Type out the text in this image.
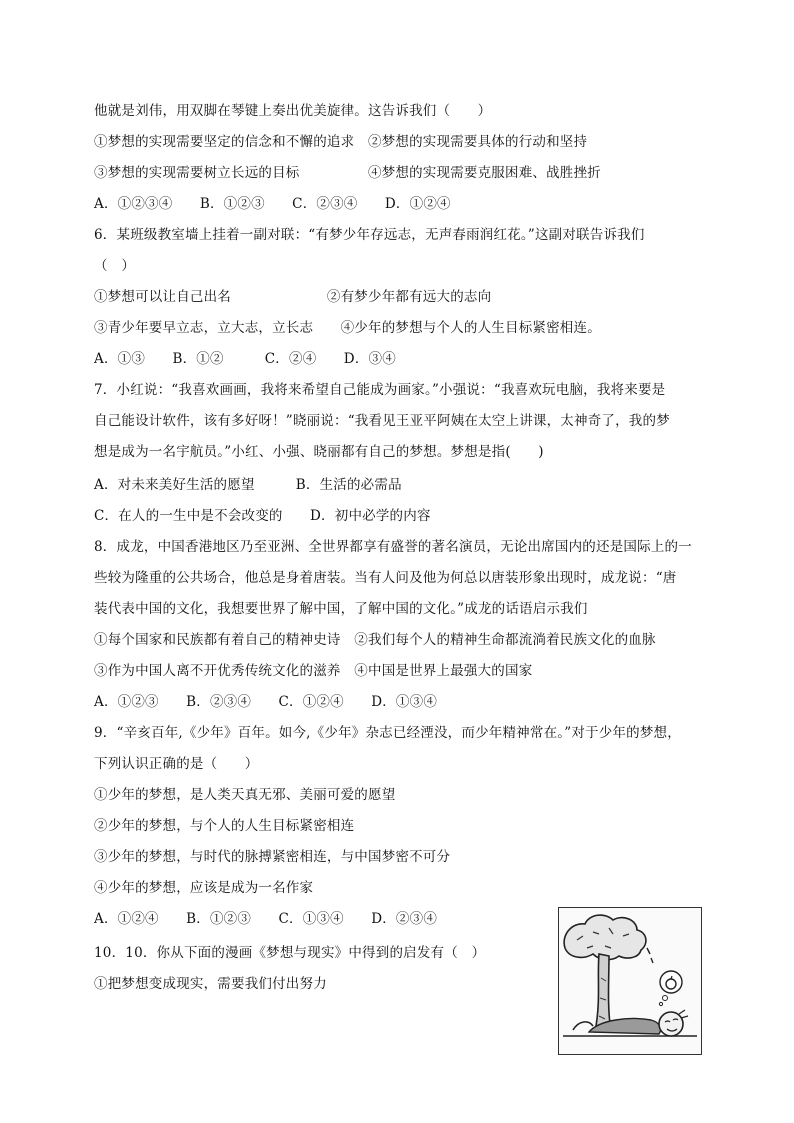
他就是刘伟，用双脚在琴键上奏出优美旋律。这告诉我们（　　）
①梦想的实现需要坚定的信念和不懈的追求　②梦想的实现需要具体的行动和坚持
③梦想的实现需要树立长远的目标　　　　　④梦想的实现需要克服困难、战胜挫折
A．①②③④　　B．①②③　　C．②③④　　D．①②④
6．某班级教室墙上挂着一副对联：“有梦少年存远志，无声春雨润红花。”这副对联告诉我们
（　）
①梦想可以让自己出名　　　　　　　②有梦少年都有远大的志向
③青少年要早立志，立大志，立长志　　④少年的梦想与个人的人生目标紧密相连。
A．①③　　B．①②　　　C．②④　　D．③④
7．小红说：“我喜欢画画，我将来希望自己能成为画家。”小强说：“我喜欢玩电脑，我将来要是
自己能设计软件，该有多好呀！”晓丽说：“我看见王亚平阿姨在太空上讲课，太神奇了，我的梦
想是成为一名宇航员。”小红、小强、晓丽都有自己的梦想。梦想是指(　　)
A．对未来美好生活的愿望　　　B．生活的必需品
C．在人的一生中是不会改变的　　D．初中必学的内容
8．成龙，中国香港地区乃至亚洲、全世界都享有盛誉的著名演员，无论出席国内的还是国际上的一
些较为隆重的公共场合，他总是身着唐装。当有人问及他为何总以唐装形象出现时，成龙说：“唐
装代表中国的文化，我想要世界了解中国，了解中国的文化。”成龙的话语启示我们
①每个国家和民族都有着自己的精神史诗　②我们每个人的精神生命都流淌着民族文化的血脉
③作为中国人离不开优秀传统文化的滋养　④中国是世界上最强大的国家
A．①②③　　B．②③④　　C．①②④　　D．①③④
9．“辛亥百年,《少年》百年。如今,《少年》杂志已经湮没，而少年精神常在。”对于少年的梦想，
下列认识正确的是（　　）
①少年的梦想，是人类天真无邪、美丽可爱的愿望
②少年的梦想，与个人的人生目标紧密相连
③少年的梦想，与时代的脉搏紧密相连，与中国梦密不可分
④少年的梦想，应该是成为一名作家
A．①②④　　B．①②③　　C．①③④　　D．②③④
10．10．你从下面的漫画《梦想与现实》中得到的启发有（　）
①把梦想变成现实，需要我们付出努力
